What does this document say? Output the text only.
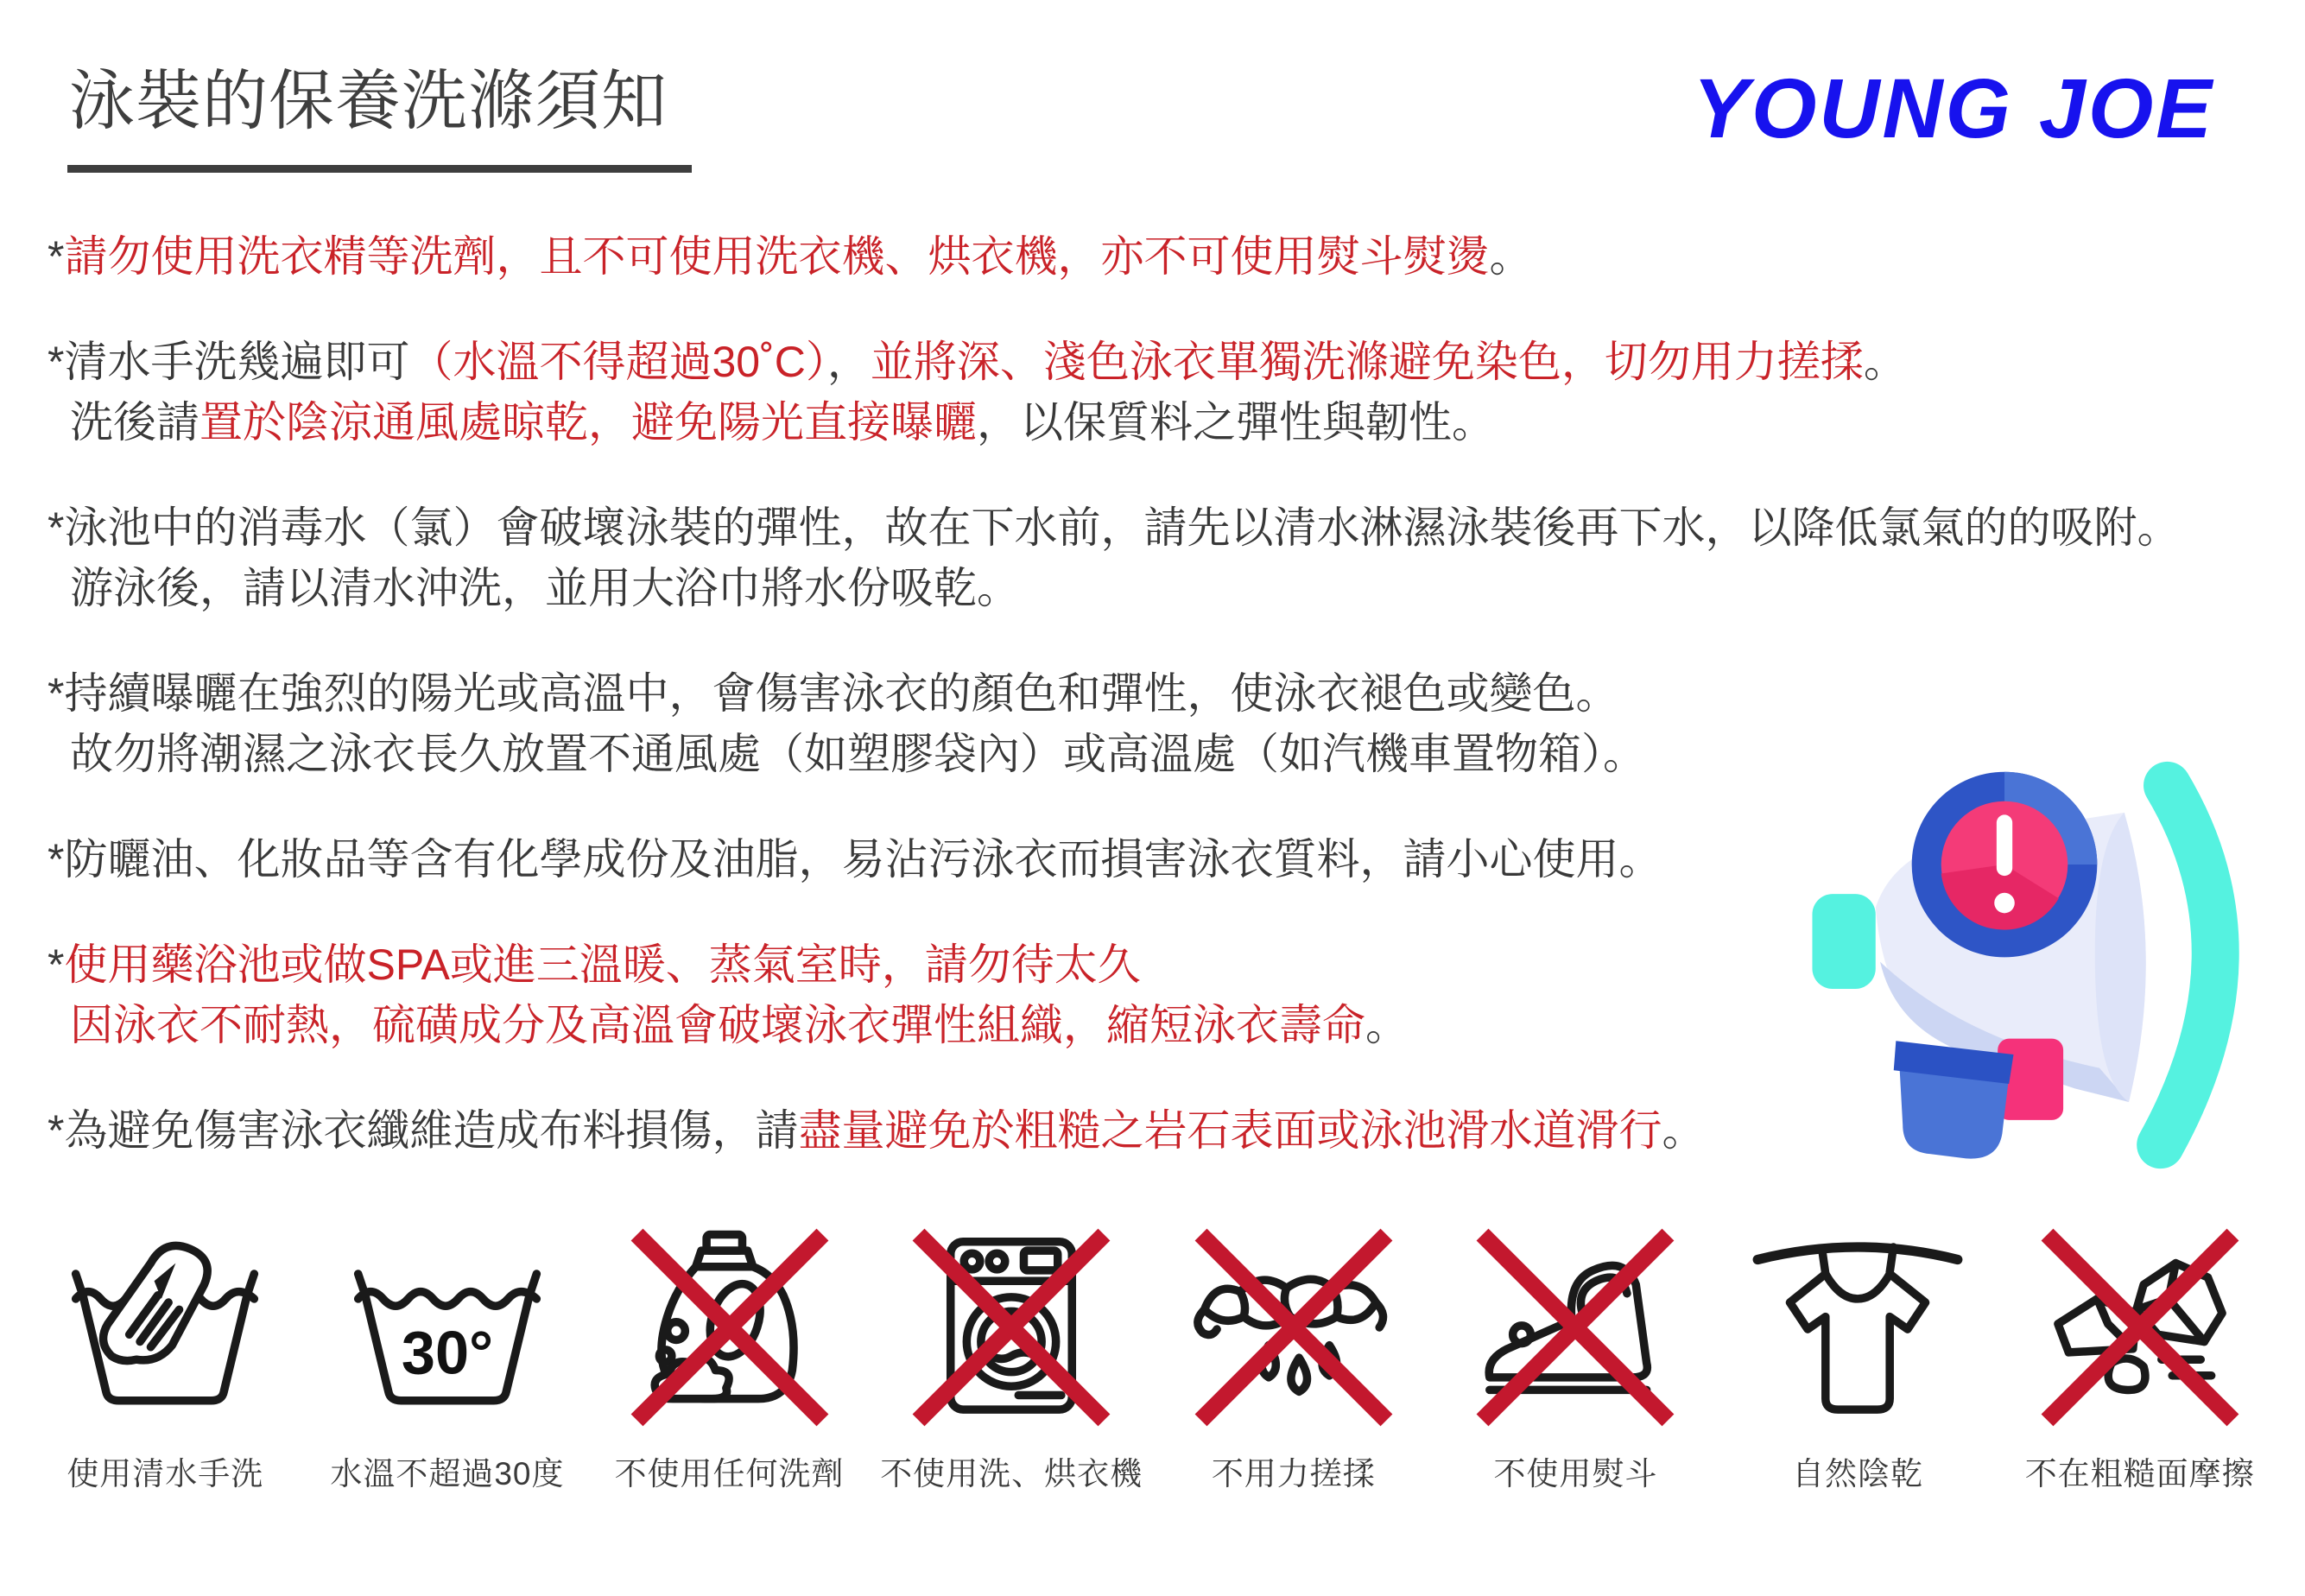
泳裝的保養洗滌須知	YOUNG JOE

*請勿使用洗衣精等洗劑，且不可使用洗衣機、烘衣機，亦不可使用熨斗熨燙。

*清水手洗幾遍即可（水溫不得超過30˚C），並將深、淺色泳衣單獨洗滌避免染色，切勿用力搓揉。

洗後請置於陰涼通風處晾乾，避免陽光直接曝曬，以保質料之彈性與韌性。

*泳池中的消毒水（氯）會破壞泳裝的彈性，故在下水前，請先以清水淋濕泳裝後再下水，以降低氯氣的的吸附。

游泳後，請以清水沖洗，並用大浴巾將水份吸乾。

*持續曝曬在強烈的陽光或高溫中，會傷害泳衣的顏色和彈性，使泳衣褪色或變色。

故勿將潮濕之泳衣長久放置不通風處（如塑膠袋內）或高溫處（如汽機車置物箱）。

*防曬油、化妝品等含有化學成份及油脂，易沾污泳衣而損害泳衣質料，請小心使用。

*使用藥浴池或做SPA或進三溫暖、蒸氣室時，請勿待太久

因泳衣不耐熱，硫磺成分及高溫會破壞泳衣彈性組織，縮短泳衣壽命。

*為避免傷害泳衣纖維造成布料損傷，請盡量避免於粗糙之岩石表面或泳池滑水道滑行。

使用清水手洗
30°
水溫不超過30度 不使用任何洗劑 不使用洗、烘衣機 不用力搓揉	不使用熨斗	自然陰乾	不在粗糙面摩擦
